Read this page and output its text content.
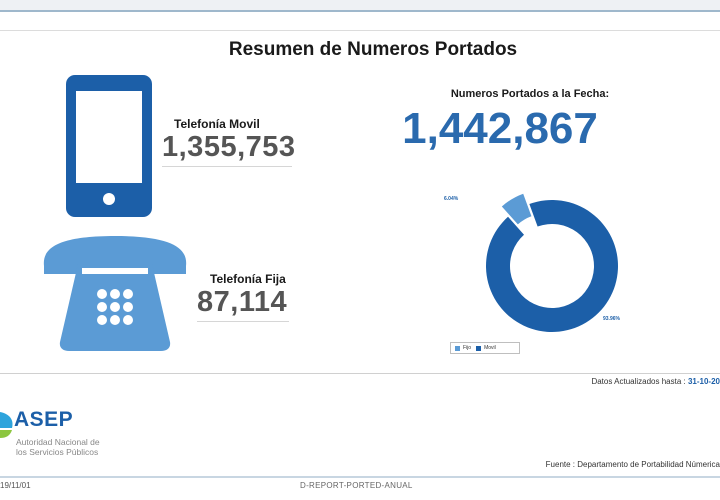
Resumen de Numeros Portados
Telefonía Movil
1,355,753
Telefonía Fija
87,114
Numeros Portados a la Fecha:
1,442,867
6.04%
93.96%
Fijo	Movil
Datos Actualizados hasta : 31-10-20
ASEP
Autoridad Nacional de
los Servicios Públicos
Fuente : Departamento de Portabilidad Númerica
19/11/01	D-REPORT-PORTED-ANUAL
